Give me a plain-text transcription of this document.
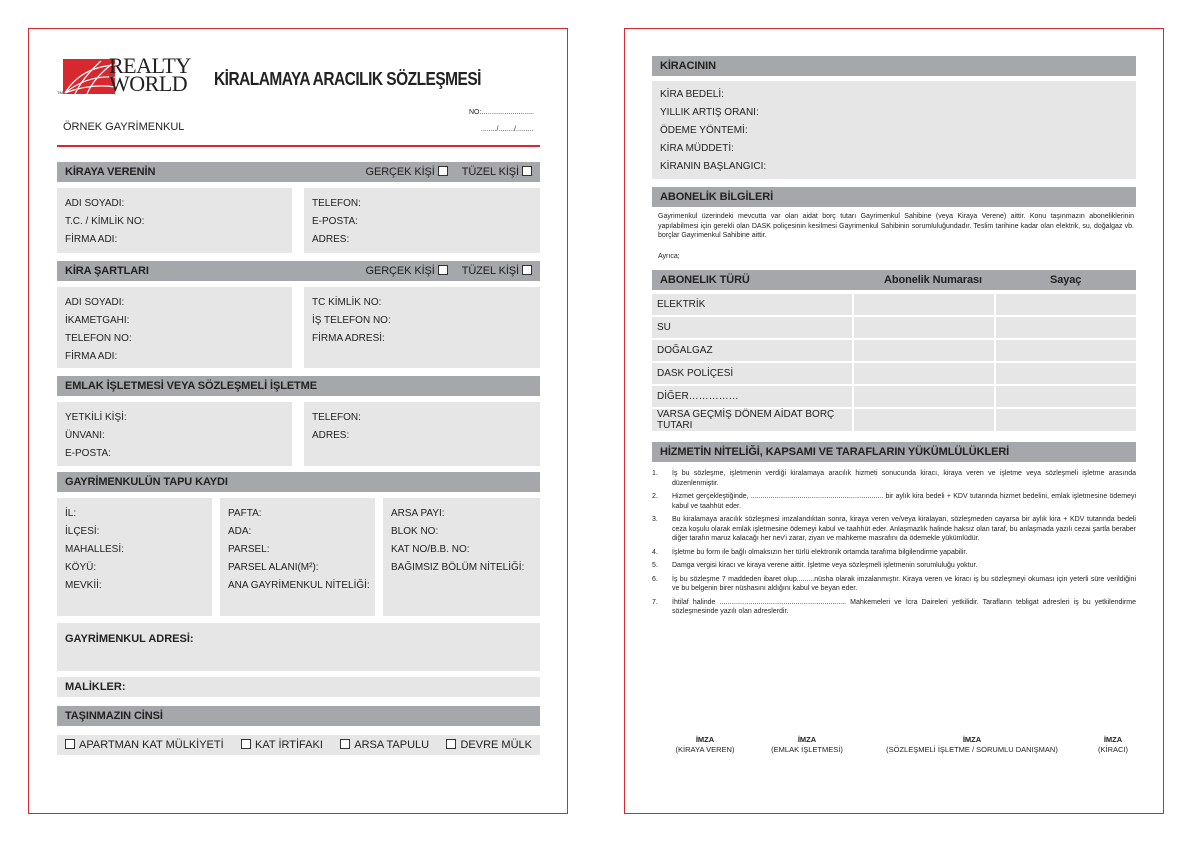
REALTY
WORLD
TM
KİRALAMAYA ARACILIK SÖZLEŞMESİ
ÖRNEK GAYRİMENKUL
NO:...........................
......../......../.........
KİRAYA VERENİN	GERÇEK KİŞİ	TÜZEL KİŞİ
ADI SOYADI:
T.C. / KİMLİK NO:
FİRMA ADI:
TELEFON:
E-POSTA:
ADRES:
KİRA ŞARTLARI	GERÇEK KİŞİ	TÜZEL KİŞİ
ADI SOYADI:
İKAMETGAHI:
TELEFON NO:
FİRMA ADI:
TC KİMLİK NO:
İŞ TELEFON NO:
FİRMA ADRESİ:
EMLAK İŞLETMESİ VEYA SÖZLEŞMELİ İŞLETME
YETKİLİ KİŞİ:
ÜNVANI:
E-POSTA:
TELEFON:
ADRES:
GAYRİMENKULÜN TAPU KAYDI
İL:
İLÇESİ:
MAHALLESİ:
KÖYÜ:
MEVKİİ:
PAFTA:
ADA:
PARSEL:
PARSEL ALANI(M²):
ANA GAYRİMENKUL NİTELİĞİ:
ARSA PAYI:
BLOK NO:
KAT NO/B.B. NO:
BAĞIMSIZ BÖLÜM NİTELİĞİ:
GAYRİMENKUL ADRESİ:
MALİKLER:
TAŞINMAZIN CİNSİ
APARTMAN KAT MÜLKİYETİ	KAT İRTİFAKI	ARSA TAPULU	DEVRE MÜLK
KİRACININ
KİRA BEDELİ:
YILLIK ARTIŞ ORANI:
ÖDEME YÖNTEMİ:
KİRA MÜDDETİ:
KİRANIN BAŞLANGICI:
ABONELİK BİLGİLERİ
Gayrimenkul üzerindeki mevcutta var olan aidat borç tutarı Gayrimenkul Sahibine (veya Kiraya Verene) aittir. Konu taşınmazın aboneliklerinin yapılabilmesi için gerekli olan DASK poliçesinin kesilmesi Gayrimenkul Sahibinin sorumluluğundadır. Teslim tarihine kadar olan elektrik, su, doğalgaz vb. borçlar Gayrimenkul Sahibine aittir.
Ayrıca;
ABONELIK TÜRÜ	Abonelik Numarası	Sayaç
ELEKTRİK		
SU		
DOĞALGAZ		
DASK POLİÇESİ		
DİĞER……………		
VARSA GEÇMİŞ DÖNEM AİDAT BORÇ TUTARI		
HİZMETİN NİTELİĞİ, KAPSAMI VE TARAFLARIN YÜKÜMLÜLÜKLERİ
1. İş bu sözleşme, işletmenin verdiği kiralamaya aracılık hizmeti sonucunda kiracı, kiraya veren ve işletme veya sözleşmeli işletme arasında düzenlenmiştir.
2. Hizmet gerçekleştiğinde, .................................................................... bir aylık kira bedeli + KDV tutarında hizmet bedelini, emlak işletmesine ödemeyi kabul ve taahhüt eder.
3. Bu kiralamaya aracılık sözleşmesi imzalandıktan sonra, kiraya veren ve/veya kiralayan, sözleşmeden cayarsa bir aylık kira + KDV tutarında bedeli ceza koşulu olarak emlak işletmesine ödemeyi kabul ve taahhüt eder. Anlaşmazlık halinde haksız olan taraf, bu anlaşmada yazılı cezai şartla beraber diğer tarafın maruz kalacağı her nev'i zarar, ziyan ve mahkeme masrafını da ödemekle yükümlüdür.
4. İşletme bu form ile bağlı olmaksızın her türlü elektronik ortamda tarafıma bilgilendirme yapabilir.
5. Damga vergisi kiracı ve kiraya verene aittir. İşletme veya sözleşmeli işletmenin sorumluluğu yoktur.
6. İş bu sözleşme 7 maddeden ibaret olup.........nüsha olarak imzalanmıştır. Kiraya veren ve kiracı iş bu sözleşmeyi okuması için yeterli süre verildiğini ve bu belgenin birer nüshasını aldığını kabul ve beyan eder.
7. İhtilaf halinde ................................................................. Mahkemeleri ve İcra Daireleri yetkilidir. Tarafların tebligat adresleri iş bu yetkilendirme sözleşmesinde yazılı olan adreslerdir.
İMZA
(KİRAYA VEREN)
İMZA
(EMLAK İŞLETMESİ)
İMZA
(SÖZLEŞMELİ İŞLETME / SORUMLU DANIŞMAN)
İMZA
(KİRACI)
